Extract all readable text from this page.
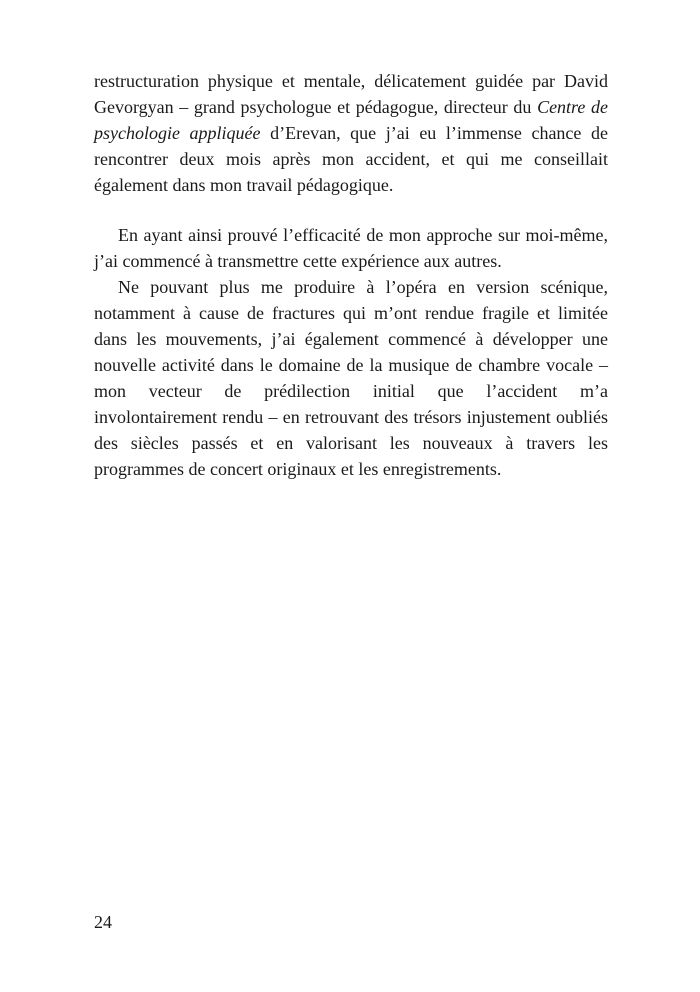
restructuration physique et mentale, délicatement guidée par David
Gevorgyan – grand psychologue et pédagogue, directeur du Centre de
psychologie appliquée d’Erevan, que j’ai eu l’immense chance de
rencontrer deux mois après mon accident, et qui me conseillait
également dans mon travail pédagogique.
En ayant ainsi prouvé l’efficacité de mon approche sur moi-même,
j’ai commencé à transmettre cette expérience aux autres.
Ne pouvant plus me produire à l’opéra en version scénique,
notamment à cause de fractures qui m’ont rendue fragile et limitée
dans les mouvements, j’ai également commencé à développer une
nouvelle activité dans le domaine de la musique de chambre vocale –
mon vecteur de prédilection initial que l’accident m’a
involontairement rendu – en retrouvant des trésors injustement oubliés
des siècles passés et en valorisant les nouveaux à travers les
programmes de concert originaux et les enregistrements.
24
